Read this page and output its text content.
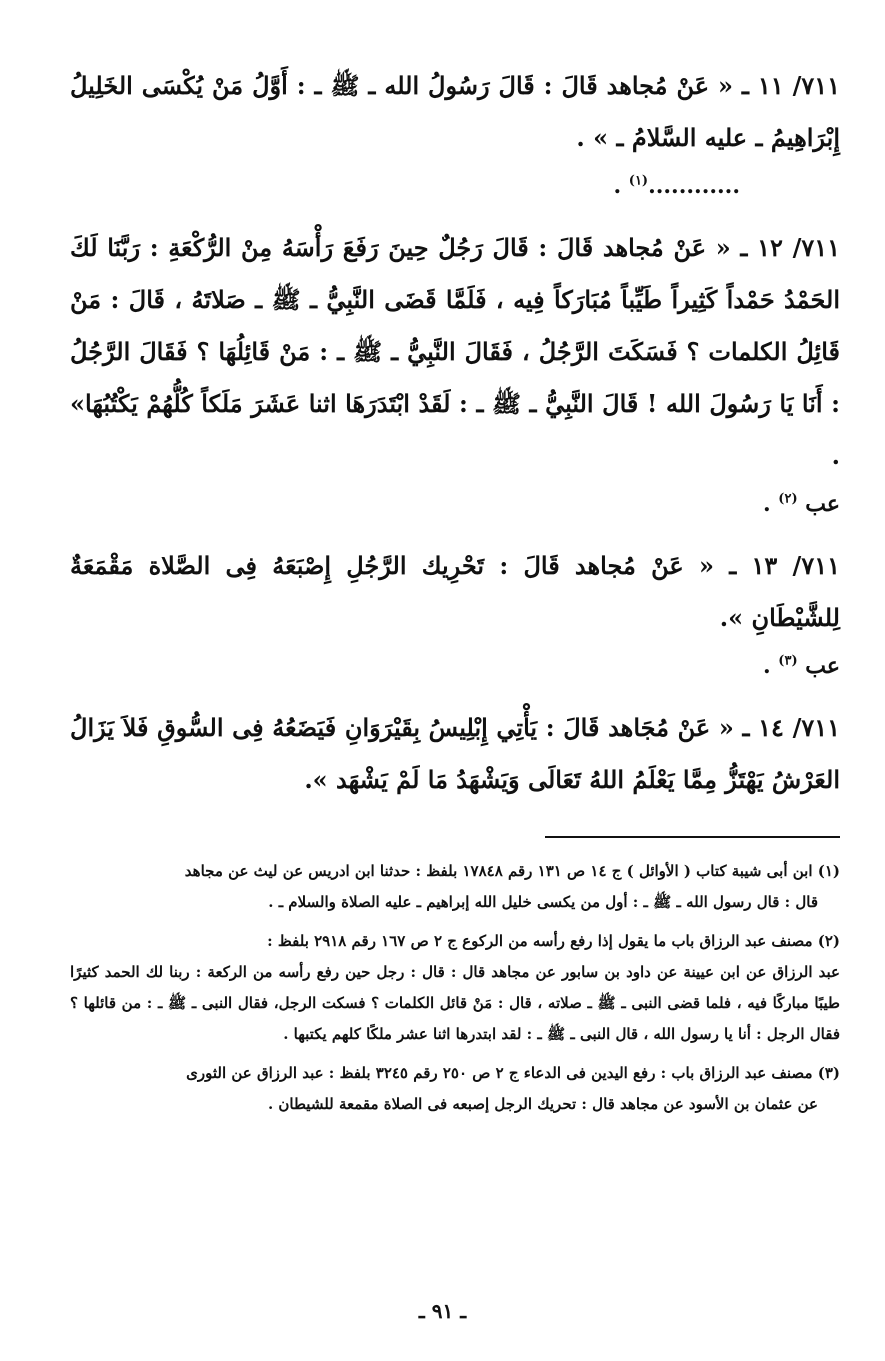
٧١١/ ١١ ـ « عَنْ مُجاهد قَالَ : قَالَ رَسُولُ الله ـ ﷺ ـ : أَوَّلُ مَنْ يُكْسَى الخَلِيلُ إِبْرَاهِيمُ ـ عليه السَّلامُ ـ » .

............$^{(١)}$ .

٧١١/ ١٢ ـ « عَنْ مُجاهد قَالَ : قَالَ رَجُلٌ حِينَ رَفَعَ رَأْسَهُ مِنْ الرُّكْعَةِ : رَبَّنَا لَكَ الحَمْدُ حَمْداً كَثِيراً طَيِّباً مُبَارَكاً فِيه ، فَلَمَّا قَضَى النَّبِيُّ ـ ﷺ ـ صَلاتَهُ ، قَالَ : مَنْ قَائِلُ الكلمات ؟ فَسَكَتَ الرَّجُلُ ، فَقَالَ النَّبِيُّ ـ ﷺ ـ : مَنْ قَائِلُهَا ؟ فَقَالَ الرَّجُلُ : أَنَا يَا رَسُولَ الله ! قَالَ النَّبِيُّ ـ ﷺ ـ : لَقَدْ ابْتَدَرَهَا اثنا عَشَرَ مَلَكاً كُلُّهُمْ يَكْتُبُهَا» .

عب $^{(٢)}$ .

٧١١/ ١٣ ـ « عَنْ مُجاهد قَالَ : تَحْرِيك الرَّجُلِ إِصْبَعَهُ فِى الصَّلاة مَقْمَعَةٌ لِلشَّيْطَانِ ».

عب $^{(٣)}$ .

٧١١/ ١٤ ـ « عَنْ مُجَاهد قَالَ : يَأْتِي إِبْلِيسُ بِقَيْرَوَانِ فَيَضَعُهُ فِى السُّوقِ فَلاَ يَزَالُ العَرْشُ يَهْتَزُّ مِمَّا يَعْلَمُ اللهُ تَعَالَى وَيَشْهَدُ مَا لَمْ يَشْهَد ».

(١) ابن أبى شيبة كتاب ( الأوائل ) ج ١٤ ص ١٣١ رقم ١٧٨٤٨ بلفظ : حدثنا ابن ادريس عن ليث عن مجاهد
قال : قال رسول الله ـ ﷺ ـ : أول من يكسى خليل الله إبراهيم ـ عليه الصلاة والسلام ـ .
(٢) مصنف عبد الرزاق باب ما يقول إذا رفع رأسه من الركوع ج ٢ ص ١٦٧ رقم ٢٩١٨ بلفظ :
عبد الرزاق عن ابن عيينة عن داود بن سابور عن مجاهد قال : قال : رجل حين رفع رأسه من الركعة : ربنا لك الحمد كثيرًا طيبًا مباركًا فيه ، فلما قضى النبى ـ ﷺ ـ صلاته ، قال : مَنْ قائل الكلمات ؟ فسكت الرجل، فقال النبى ـ ﷺ ـ : من قائلها ؟ فقال الرجل : أنا يا رسول الله ، قال النبى ـ ﷺ ـ : لقد ابتدرها اثنا عشر ملكًا كلهم يكتبها .
(٣) مصنف عبد الرزاق باب : رفع اليدين فى الدعاء ج ٢ ص ٢٥٠ رقم ٣٢٤٥ بلفظ : عبد الرزاق عن الثورى
عن عثمان بن الأسود عن مجاهد قال : تحريك الرجل إصبعه فى الصلاة مقمعة للشيطان .
ـ ٩١ ـ
